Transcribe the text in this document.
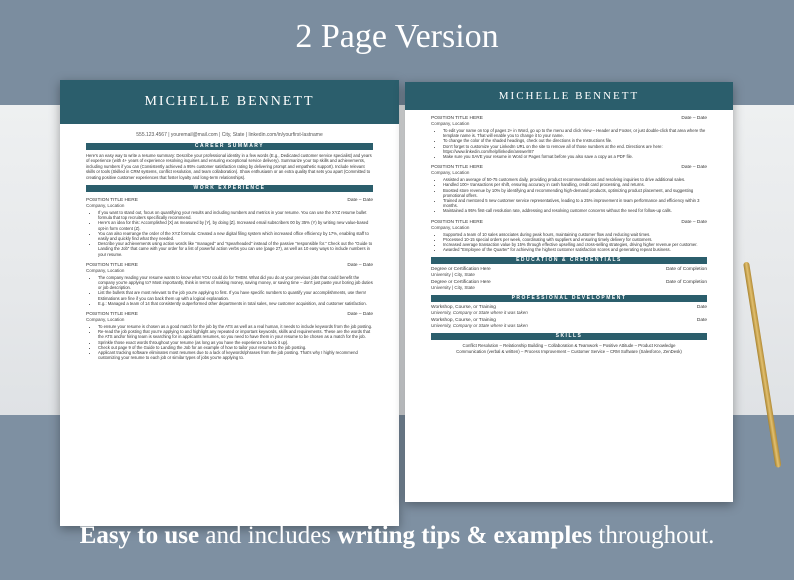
2 Page Version
MICHELLE BENNETT
555.123.4567 | youremail@mail.com | City, State | linkedin.com/in/yourfirst-lastname
CAREER SUMMARY
Here's an easy way to write a resume summary: Describe your professional identity in a few words (E.g., Dedicated customer service specialist) and years of experience (with 4+ years of experience resolving inquiries and ensuring exceptional service delivery). Summarize your top skills and achievements, including numbers if you can (Consistently achieved a 95% customer satisfaction rating by delivering prompt and empathetic support). Include relevant skills or tools (Skilled in CRM systems, conflict resolution, and team collaboration). Show enthusiasm or an extra quality that sets you apart (Committed to creating positive customer experiences that foster loyalty and long-term relationships).
WORK EXPERIENCE
POSITION TITLE HERE	Date – Date
Company, Location
• If you want to stand out, focus on quantifying your results and including numbers and metrics in your resume. You can use the XYZ resume bullet formula that top recruiters specifically recommend.
• Here's an idea for this: Accomplished [X] as measured by [Y], by doing [Z]. Increased email subscribers 00 by 35% (Y) by writing new value-based opt-in form content (Z).
• You can also rearrange the order of the XYZ formula: Created a new digital filing system which increased office efficiency by 17%, enabling staff to easily and quickly find what they needed.
• Describe your achievements using action words like "managed" and "spearheaded" instead of the passive "responsible for." Check out the "Guide to Landing the Job" that came with your order for a list of powerful action verbs you can use (page 27), as well as 10 easy ways to include numbers in your resume.
POSITION TITLE HERE	Date – Date
Company, Location
• The company reading your resume wants to know what YOU could do for THEM. What did you do at your previous jobs that could benefit the company you're applying to? Most importantly, think in terms of making money, saving money, or saving time – don't just paste your boring job duties or job description.
• List the bullets that are most relevant to the job you're applying to first. If you have specific numbers to quantify your accomplishments, use them! Estimations are fine if you can back them up with a logical explanation.
• E.g.: Managed a team of 14 that consistently outperformed other departments in total sales, new customer acquisition, and customer satisfaction.
POSITION TITLE HERE	Date – Date
Company, Location
• To ensure your resume is chosen as a good match for the job by the ATS as well as a real human, it needs to include keywords from the job posting.
• Re-read the job posting that you're applying to and highlight any repeated or important keywords, skills and requirements. These are the words that the ATS and/or hiring team is searching for in applicants resumes, so you need to have them in your resume to be chosen as a match for the job.
• Sprinkle those exact words throughout your resume (as long as you have the experience to back it up).
• Check out page 9 of the Guide to Landing the Job for an example of how to tailor your resume to the job posting.
• Applicant tracking software eliminates most resumes due to a lack of keywords/phrases from the job posting. That's why I highly recommend customizing your resume to each job or similar types of jobs you're applying to.
MICHELLE BENNETT
POSITION TITLE HERE	Date – Date
Company, Location
• To edit your name on top of pages 2+ in Word, go up to the menu and click View – Header and Footer, or just double-click that area where the template name is. That will enable you to change it to your name.
• To change the color of the shaded headings, check out the directions in the Instructions file.
• Don't forget to customize your LinkedIn URL on the site to remove all of those numbers at the end. Directions are here: https://www.linkedin.com/help/linkedin/answer/87
• Make sure you SAVE your resume in Word or Pages format before you also save a copy as a PDF file.
POSITION TITLE HERE	Date – Date
Company, Location
• Assisted an average of 50-75 customers daily, providing product recommendations and resolving inquiries to drive additional sales.
• Handled 100+ transactions per shift, ensuring accuracy in cash handling, credit card processing, and returns.
• Boosted store revenue by 10% by identifying and recommending high-demand products, optimizing product placement, and suggesting promotional offers.
• Trained and mentored 5 new customer service representatives, leading to a 25% improvement in team performance and efficiency within 3 months.
• Maintained a 95% first-call resolution rate, addressing and resolving customer concerns without the need for follow-up calls.
POSITION TITLE HERE	Date – Date
Company, Location
• Supported a team of 10 sales associates during peak hours, maintaining customer flow and reducing wait times.
• Processed 10-15 special orders per week, coordinating with suppliers and ensuring timely delivery for customers.
• Increased average transaction value by 15% through effective upselling and cross-selling strategies, driving higher revenue per customer.
• Awarded "Employee of the Quarter" for achieving the highest customer satisfaction scores and generating repeat business.
EDUCATION & CREDENTIALS
Degree or Certification Here	Date of Completion
University | City, State
Degree or Certification Here	Date of Completion
University | City, State
PROFESSIONAL DEVELOPMENT
Workshop, Course, or Training	Date
University, Company or State where it was taken
Workshop, Course, or Training	Date
University, Company or State where it was taken
SKILLS
Conflict Resolution – Relationship Building – Collaboration & Teamwork – Positive Attitude – Product Knowledge
Communication (verbal & written) – Process Improvement – Customer Service – CRM Software (Salesforce, ZenDesk)
Easy to use and includes writing tips & examples throughout.
